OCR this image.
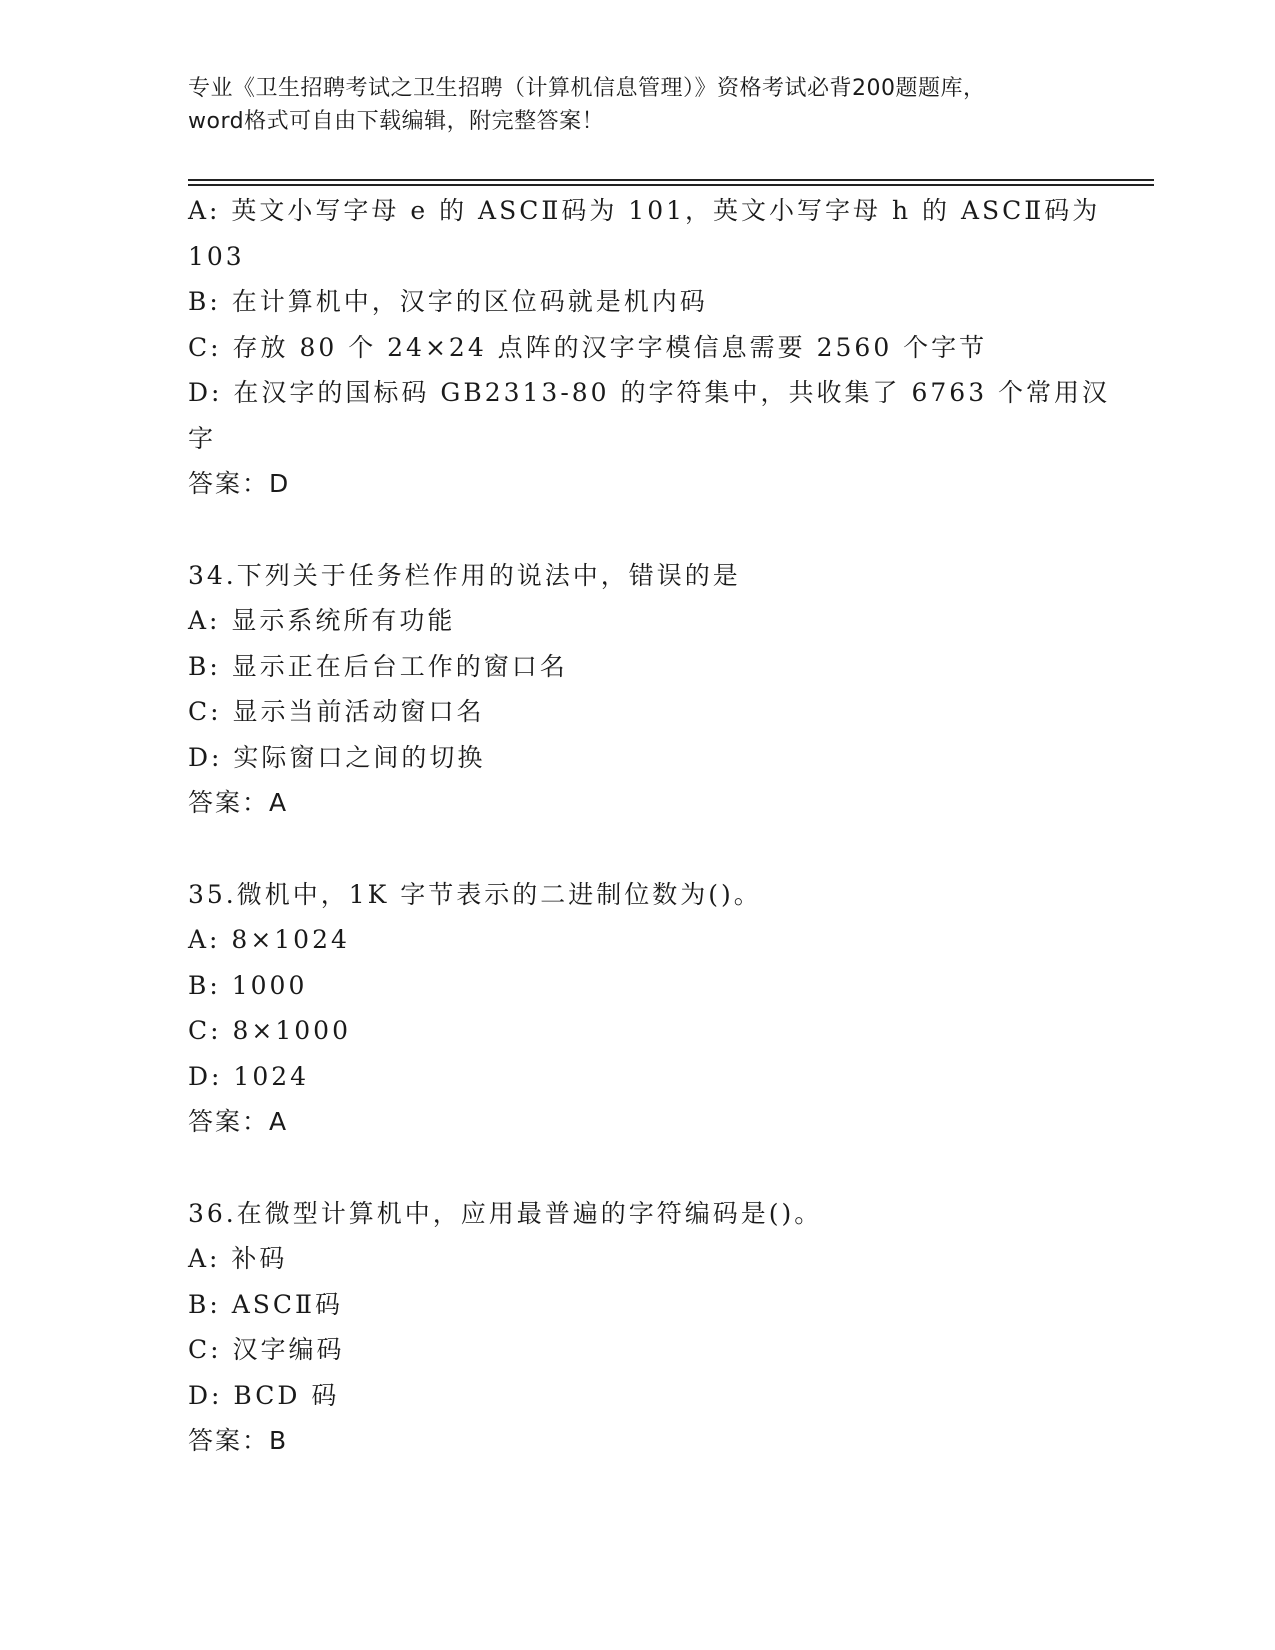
专业《卫生招聘考试之卫生招聘（计算机信息管理）》资格考试必背200题题库，
word格式可自由下载编辑，附完整答案！
A: 英文小写字母 e 的 ASCⅡ码为 101，英文小写字母 h 的 ASCⅡ码为
103
B: 在计算机中，汉字的区位码就是机内码
C: 存放 80 个 24×24 点阵的汉字字模信息需要 2560 个字节
D: 在汉字的国标码 GB2313-80 的字符集中，共收集了 6763 个常用汉
字
答案：D
34.下列关于任务栏作用的说法中，错误的是
A: 显示系统所有功能
B: 显示正在后台工作的窗口名
C: 显示当前活动窗口名
D: 实际窗口之间的切换
答案：A
35.微机中，1K 字节表示的二进制位数为()。
A: 8×1024
B: 1000
C: 8×1000
D: 1024
答案：A
36.在微型计算机中，应用最普遍的字符编码是()。
A: 补码
B: ASCⅡ码
C: 汉字编码
D: BCD 码
答案：B
